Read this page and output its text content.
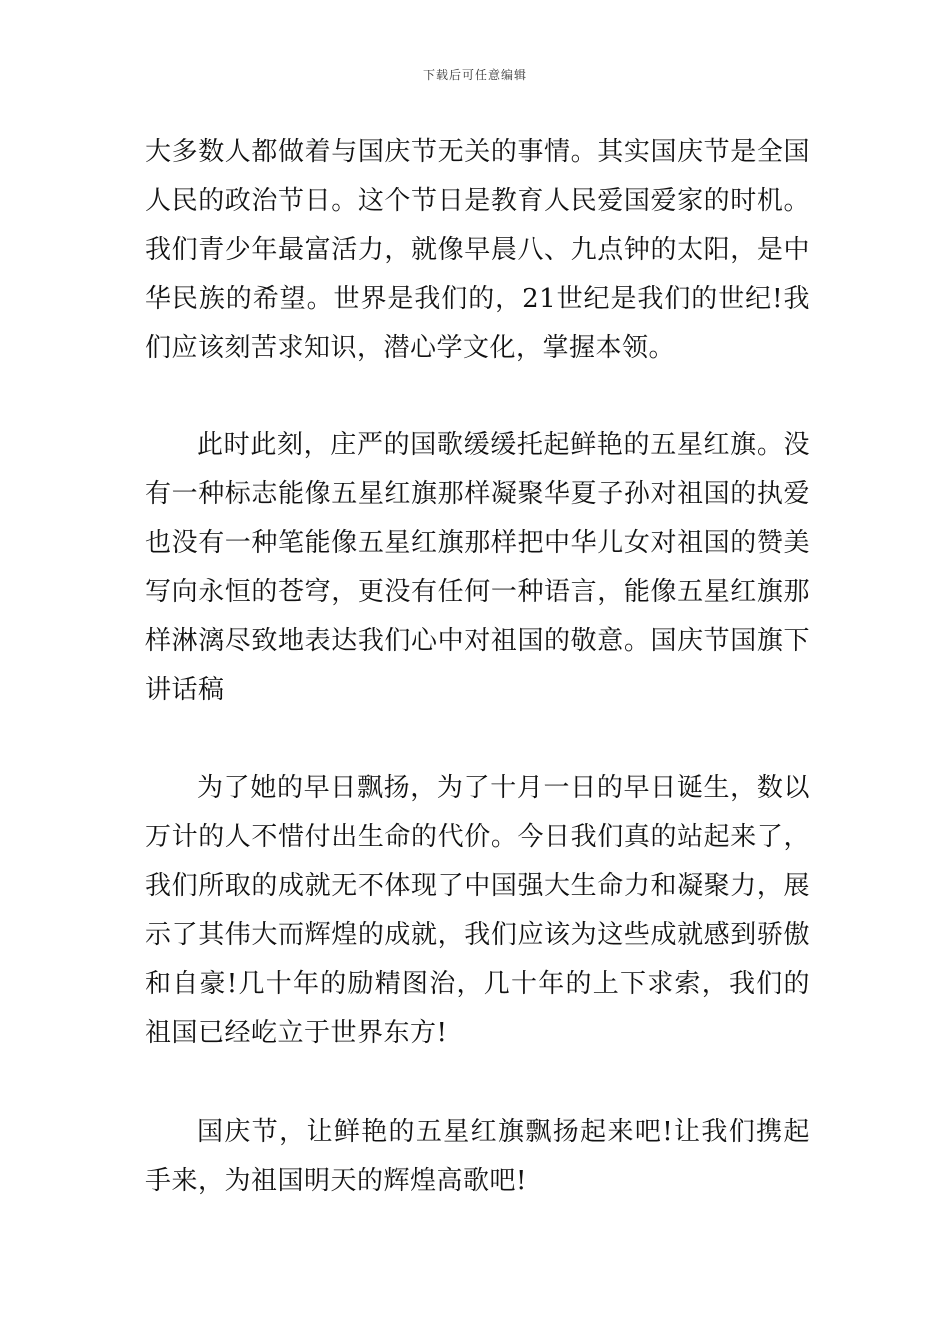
下载后可任意编辑

大多数人都做着与国庆节无关的事情。其实国庆节是全国人民的政治节日。这个节日是教育人民爱国爱家的时机。我们青少年最富活力，就像早晨八、九点钟的太阳，是中华民族的希望。世界是我们的，21世纪是我们的世纪!我们应该刻苦求知识，潜心学文化，掌握本领。

此时此刻，庄严的国歌缓缓托起鲜艳的五星红旗。没有一种标志能像五星红旗那样凝聚华夏子孙对祖国的执爱也没有一种笔能像五星红旗那样把中华儿女对祖国的赞美写向永恒的苍穹，更没有任何一种语言，能像五星红旗那样淋漓尽致地表达我们心中对祖国的敬意。国庆节国旗下讲话稿

为了她的早日飘扬，为了十月一日的早日诞生，数以万计的人不惜付出生命的代价。今日我们真的站起来了，我们所取的成就无不体现了中国强大生命力和凝聚力，展示了其伟大而辉煌的成就，我们应该为这些成就感到骄傲和自豪!几十年的励精图治，几十年的上下求索，我们的祖国已经屹立于世界东方!

国庆节，让鲜艳的五星红旗飘扬起来吧!让我们携起手来，为祖国明天的辉煌高歌吧!
